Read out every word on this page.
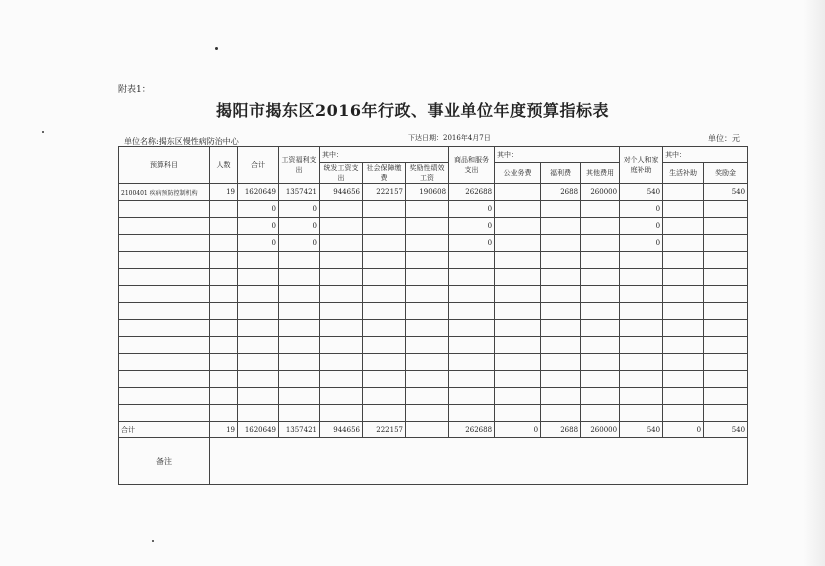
附表1：
揭阳市揭东区2016年行政、事业单位年度预算指标表
单位名称:揭东区慢性病防治中心	下达日期：2016年4月7日	单位：元
预算科目	人数	合计	工资福利支出	其中：			商品和服务支出	其中：			对个人和家庭补助	其中：	
				统发工资支出	社会保障缴费	奖励性绩效工资		公业务费	福利费	其他费用		生活补助	奖励金
2100401 疾病预防控制机构	19	1620649	1357421	944656	222157	190608	262688		2688	260000	540		540
		0	0				0				0		
		0	0				0				0		
		0	0				0				0		

合计	19	1620649	1357421	944656	222157		262688	0	2688	260000	540	0	540
备注													
